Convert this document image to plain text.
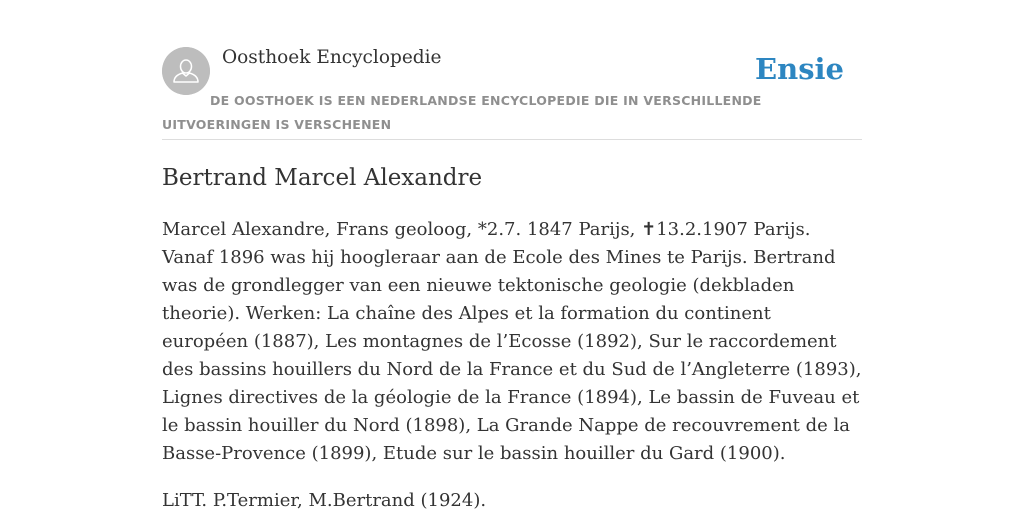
Oosthoek Encyclopedie	Ensie
DE OOSTHOEK IS EEN NEDERLANDSE ENCYCLOPEDIE DIE IN VERSCHILLENDE UITVOERINGEN IS VERSCHENEN
Bertrand Marcel Alexandre

Marcel Alexandre, Frans geoloog, *2.7. 1847 Parijs, ✝13.2.1907 Parijs. Vanaf 1896 was hij hoogleraar aan de Ecole des Mines te Parijs. Bertrand was de grondlegger van een nieuwe tektonische geologie (dekbladen theorie). Werken: La chaîne des Alpes et la formation du continent européen (1887), Les montagnes de l’Ecosse (1892), Sur le raccordement des bassins houillers du Nord de la France et du Sud de l’Angleterre (1893), Lignes directives de la géologie de la France (1894), Le bassin de Fuveau et le bassin houiller du Nord (1898), La Grande Nappe de recouvrement de la Basse-Provence (1899), Etude sur le bassin houiller du Gard (1900).

LiTT. P.Termier, M.Bertrand (1924).
